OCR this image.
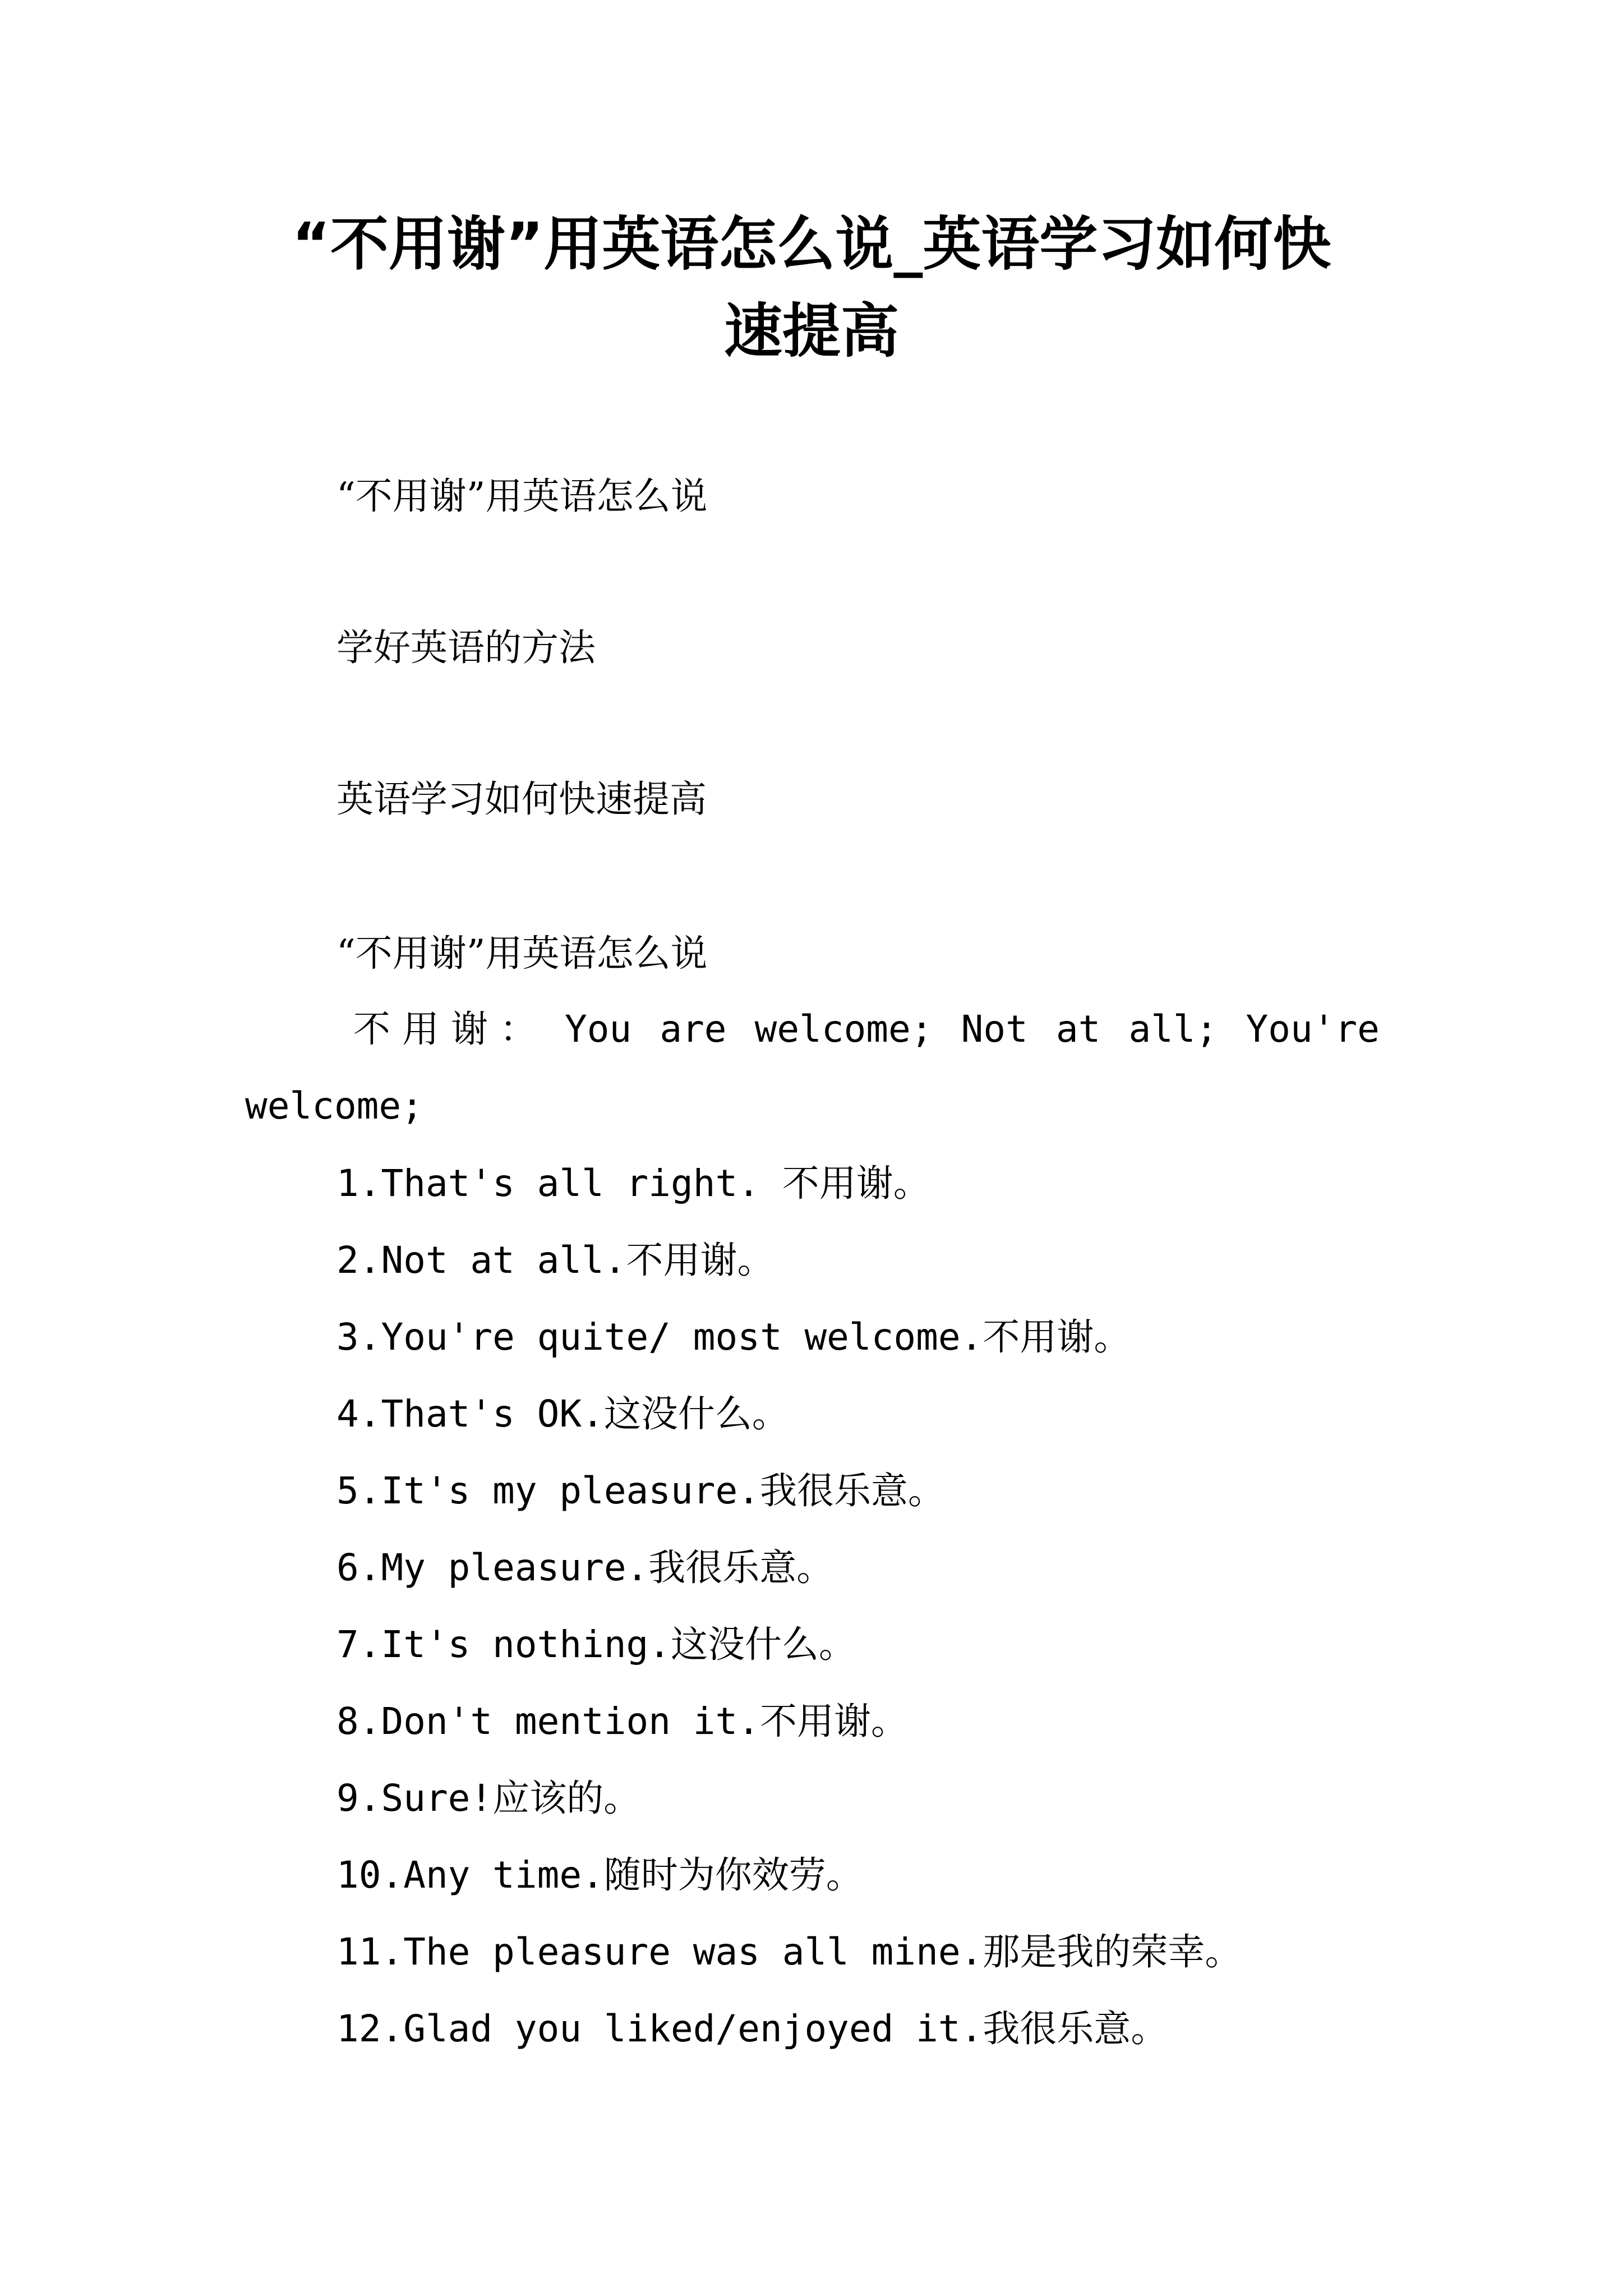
“不用谢”用英语怎么说_英语学习如何快
速提高

“不用谢”用英语怎么说

学好英语的方法

英语学习如何快速提高

“不用谢”用英语怎么说

不 用 谢 ： You are welcome; Not at all; You're

welcome;

1.That's all right. 不用谢。

2.Not at all.不用谢。

3.You're quite/ most welcome.不用谢。

4.That's OK.这没什么。

5.It's my pleasure.我很乐意。

6.My pleasure.我很乐意。

7.It's nothing.这没什么。

8.Don't mention it.不用谢。

9.Sure!应该的。

10.Any time.随时为你效劳。

11.The pleasure was all mine.那是我的荣幸。

12.Glad you liked/enjoyed it.我很乐意。
